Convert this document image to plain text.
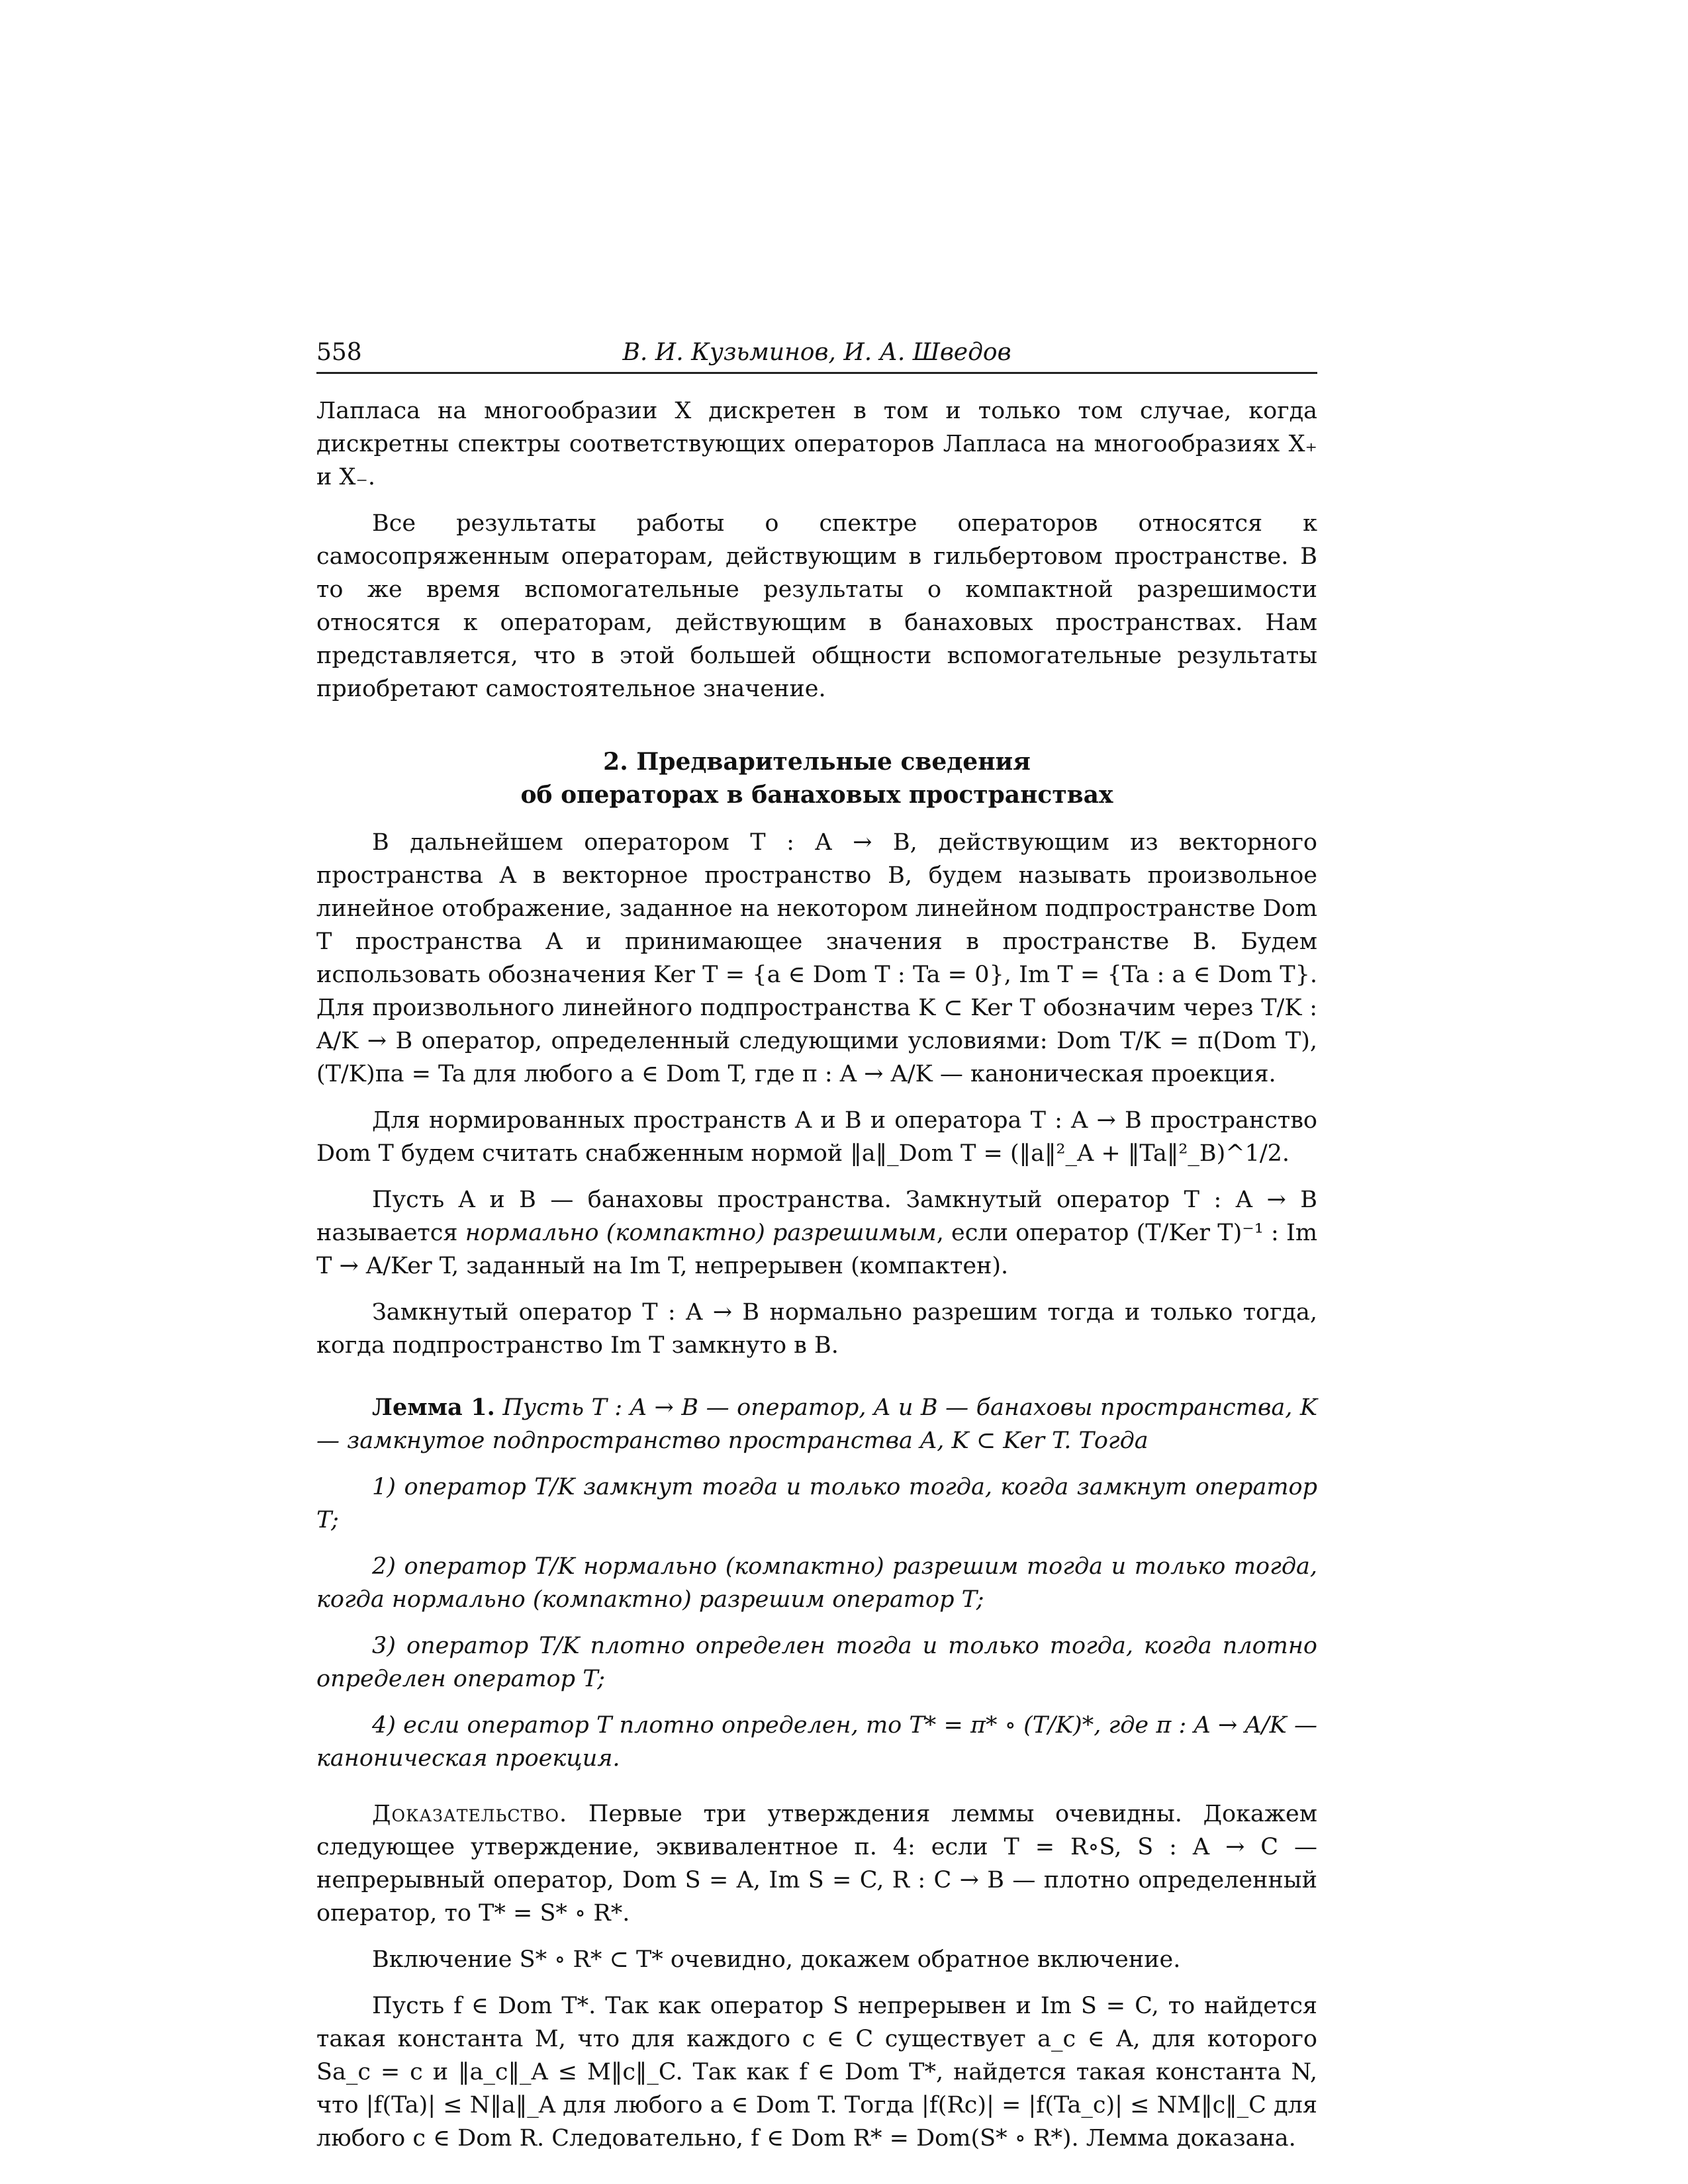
558	В. И. Кузьминов, И. А. Шведов

Лапласа на многообразии X дискретен в том и только том случае, когда дискретны спектры соответствующих операторов Лапласа на многообразиях X₊ и X₋.

Все результаты работы о спектре операторов относятся к самосопряженным операторам, действующим в гильбертовом пространстве. В то же время вспомогательные результаты о компактной разрешимости относятся к операторам, действующим в банаховых пространствах. Нам представляется, что в этой большей общности вспомогательные результаты приобретают самостоятельное значение.

2. Предварительные сведения
об операторах в банаховых пространствах

В дальнейшем оператором T : A → B, действующим из векторного пространства A в векторное пространство B, будем называть произвольное линейное отображение, заданное на некотором линейном подпространстве Dom T пространства A и принимающее значения в пространстве B. Будем использовать обозначения Ker T = {a ∈ Dom T : Ta = 0}, Im T = {Ta : a ∈ Dom T}. Для произвольного линейного подпространства K ⊂ Ker T обозначим через T/K : A/K → B оператор, определенный следующими условиями: Dom T/K = π(Dom T), (T/K)πa = Ta для любого a ∈ Dom T, где π : A → A/K — каноническая проекция.

Для нормированных пространств A и B и оператора T : A → B пространство Dom T будем считать снабженным нормой ‖a‖_Dom T = (‖a‖²_A + ‖Ta‖²_B)^1/2.

Пусть A и B — банаховы пространства. Замкнутый оператор T : A → B называется нормально (компактно) разрешимым, если оператор (T/Ker T)⁻¹ : Im T → A/Ker T, заданный на Im T, непрерывен (компактен).

Замкнутый оператор T : A → B нормально разрешим тогда и только тогда, когда подпространство Im T замкнуто в B.

Лемма 1. Пусть T : A → B — оператор, A и B — банаховы пространства, K — замкнутое подпространство пространства A, K ⊂ Ker T. Тогда

1) оператор T/K замкнут тогда и только тогда, когда замкнут оператор T;

2) оператор T/K нормально (компактно) разрешим тогда и только тогда, когда нормально (компактно) разрешим оператор T;

3) оператор T/K плотно определен тогда и только тогда, когда плотно определен оператор T;

4) если оператор T плотно определен, то T* = π* ∘ (T/K)*, где π : A → A/K — каноническая проекция.

Доказательство. Первые три утверждения леммы очевидны. Докажем следующее утверждение, эквивалентное п. 4: если T = R∘S, S : A → C — непрерывный оператор, Dom S = A, Im S = C, R : C → B — плотно определенный оператор, то T* = S* ∘ R*.

Включение S* ∘ R* ⊂ T* очевидно, докажем обратное включение.

Пусть f ∈ Dom T*. Так как оператор S непрерывен и Im S = C, то найдется такая константа M, что для каждого c ∈ C существует a_c ∈ A, для которого Sa_c = c и ‖a_c‖_A ≤ M‖c‖_C. Так как f ∈ Dom T*, найдется такая константа N, что |f(Ta)| ≤ N‖a‖_A для любого a ∈ Dom T. Тогда |f(Rc)| = |f(Ta_c)| ≤ NM‖c‖_C для любого c ∈ Dom R. Следовательно, f ∈ Dom R* = Dom(S* ∘ R*). Лемма доказана.
